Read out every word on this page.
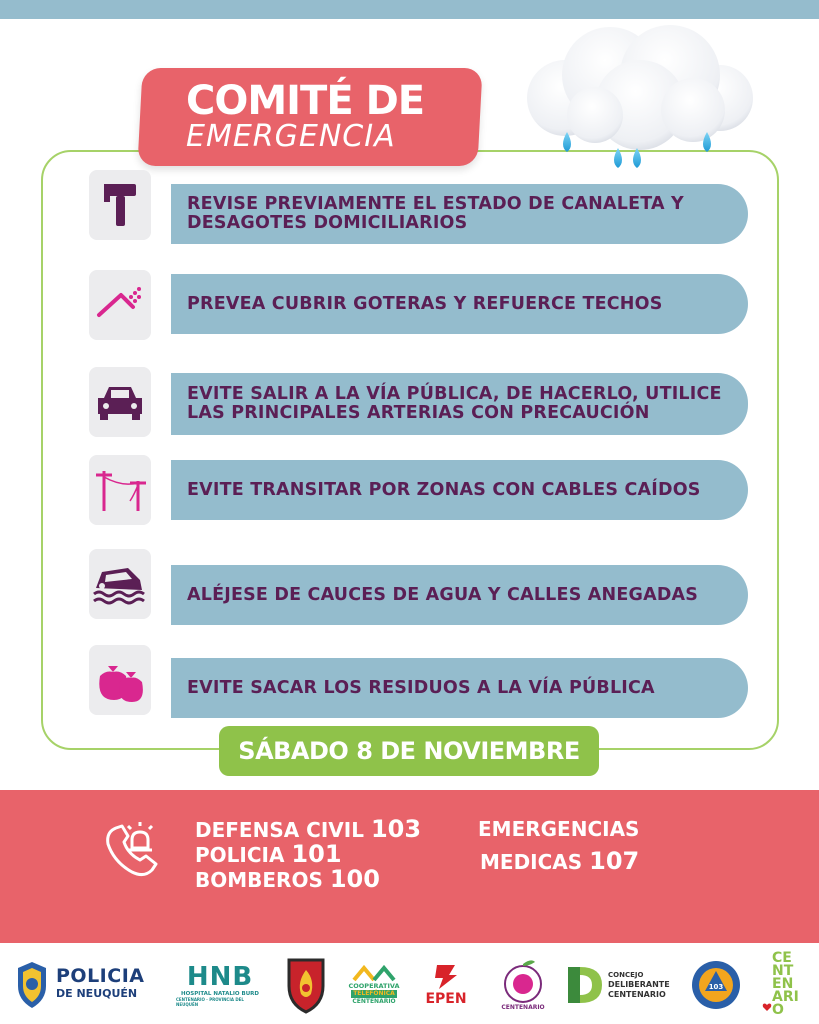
COMITÉ DE
EMERGENCIA
REVISE PREVIAMENTE EL ESTADO DE CANALETA Y DESAGOTES DOMICILIARIOS
PREVEA CUBRIR GOTERAS Y REFUERCE TECHOS
EVITE SALIR A LA VÍA PÚBLICA, DE HACERLO, UTILICE LAS PRINCIPALES ARTERIAS CON PRECAUCIÓN
EVITE TRANSITAR POR ZONAS CON CABLES CAÍDOS
ALÉJESE DE CAUCES DE AGUA Y CALLES ANEGADAS
EVITE SACAR LOS RESIDUOS A LA VÍA PÚBLICA
SÁBADO 8 DE NOVIEMBRE
DEFENSA CIVIL 103
POLICIA 101
BOMBEROS 100
EMERGENCIAS
MEDICAS 107
POLICIA
DE NEUQUÉN
HNB
HOSPITAL NATALIO BURD
CENTENARIO · PROVINCIA DEL NEUQUÉN
COOPERATIVA
TELEFÓNICA
CENTENARIO EPEN
CENTENARIO
CONCEJO
DELIBERANTE
CENTENARIO
103
CENTENARIO
